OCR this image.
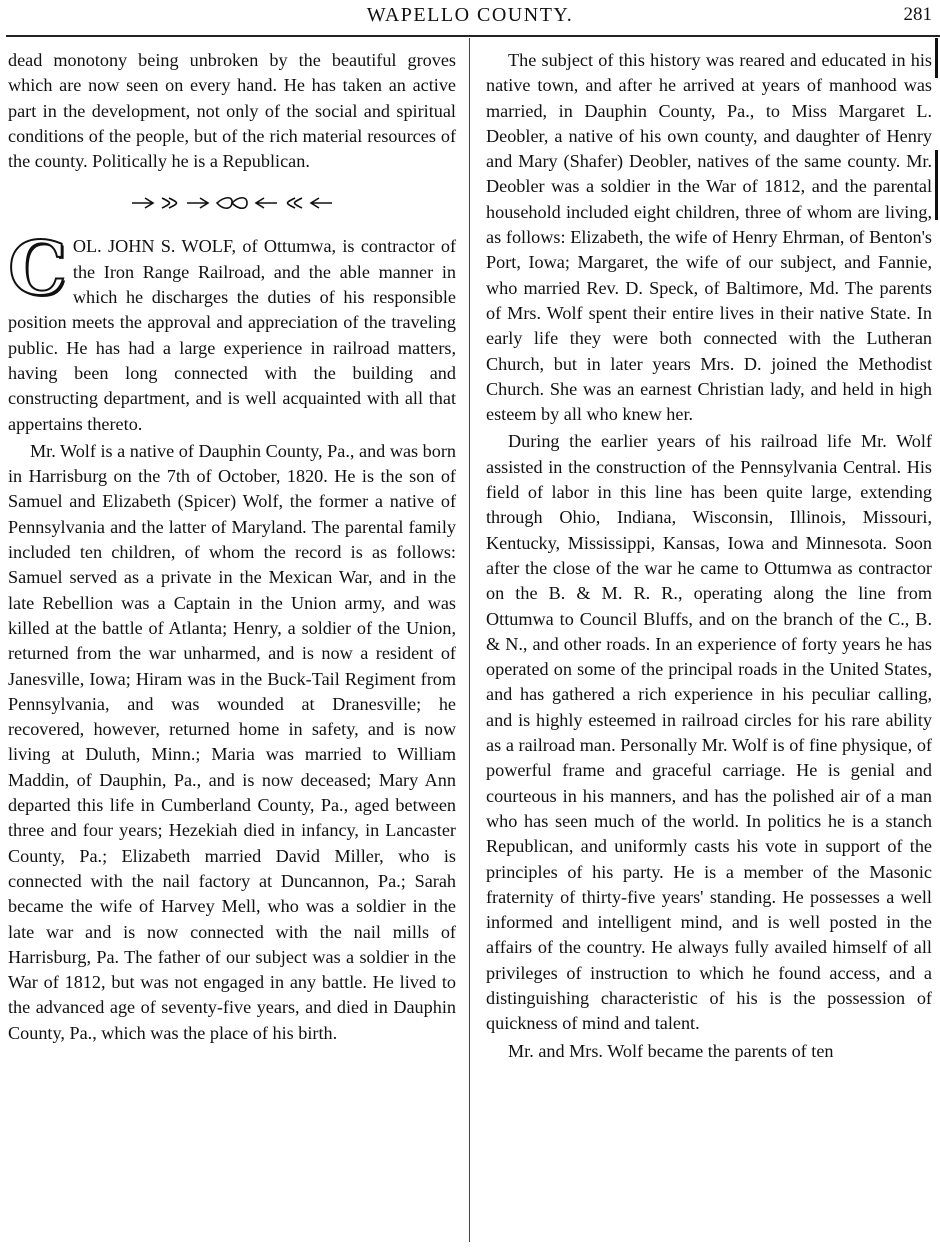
WAPELLO COUNTY.	281

dead monotony being unbroken by the beautiful groves which are now seen on every hand. He has taken an active part in the development, not only of the social and spiritual conditions of the people, but of the rich material resources of the county. Politically he is a Republican.

C OL. JOHN S. WOLF, of Ottumwa, is contractor of the Iron Range Railroad, and the able manner in which he discharges the duties of his responsible position meets the approval and appreciation of the traveling public. He has had a large experience in railroad matters, having been long connected with the building and constructing department, and is well acquainted with all that appertains thereto.

Mr. Wolf is a native of Dauphin County, Pa., and was born in Harrisburg on the 7th of October, 1820. He is the son of Samuel and Elizabeth (Spicer) Wolf, the former a native of Pennsylvania and the latter of Maryland. The parental family included ten children, of whom the record is as follows: Samuel served as a private in the Mexican War, and in the late Rebellion was a Captain in the Union army, and was killed at the battle of Atlanta; Henry, a soldier of the Union, returned from the war unharmed, and is now a resident of Janesville, Iowa; Hiram was in the Buck-Tail Regiment from Pennsylvania, and was wounded at Dranesville; he recovered, however, returned home in safety, and is now living at Duluth, Minn.; Maria was married to William Maddin, of Dauphin, Pa., and is now deceased; Mary Ann departed this life in Cumberland County, Pa., aged between three and four years; Hezekiah died in infancy, in Lancaster County, Pa.; Elizabeth married David Miller, who is connected with the nail factory at Duncannon, Pa.; Sarah became the wife of Harvey Mell, who was a soldier in the late war and is now connected with the nail mills of Harrisburg, Pa. The father of our subject was a soldier in the War of 1812, but was not engaged in any battle. He lived to the advanced age of seventy-five years, and died in Dauphin County, Pa., which was the place of his birth.

The subject of this history was reared and educated in his native town, and after he arrived at years of manhood was married, in Dauphin County, Pa., to Miss Margaret L. Deobler, a native of his own county, and daughter of Henry and Mary (Shafer) Deobler, natives of the same county. Mr. Deobler was a soldier in the War of 1812, and the parental household included eight children, three of whom are living, as follows: Elizabeth, the wife of Henry Ehrman, of Benton's Port, Iowa; Margaret, the wife of our subject, and Fannie, who married Rev. D. Speck, of Baltimore, Md. The parents of Mrs. Wolf spent their entire lives in their native State. In early life they were both connected with the Lutheran Church, but in later years Mrs. D. joined the Methodist Church. She was an earnest Christian lady, and held in high esteem by all who knew her.

During the earlier years of his railroad life Mr. Wolf assisted in the construction of the Pennsylvania Central. His field of labor in this line has been quite large, extending through Ohio, Indiana, Wisconsin, Illinois, Missouri, Kentucky, Mississippi, Kansas, Iowa and Minnesota. Soon after the close of the war he came to Ottumwa as contractor on the B. & M. R. R., operating along the line from Ottumwa to Council Bluffs, and on the branch of the C., B. & N., and other roads. In an experience of forty years he has operated on some of the principal roads in the United States, and has gathered a rich experience in his peculiar calling, and is highly esteemed in railroad circles for his rare ability as a railroad man. Personally Mr. Wolf is of fine physique, of powerful frame and graceful carriage. He is genial and courteous in his manners, and has the polished air of a man who has seen much of the world. In politics he is a stanch Republican, and uniformly casts his vote in support of the principles of his party. He is a member of the Masonic fraternity of thirty-five years' standing. He possesses a well informed and intelligent mind, and is well posted in the affairs of the country. He always fully availed himself of all privileges of instruction to which he found access, and a distinguishing characteristic of his is the possession of quickness of mind and talent.

Mr. and Mrs. Wolf became the parents of ten
